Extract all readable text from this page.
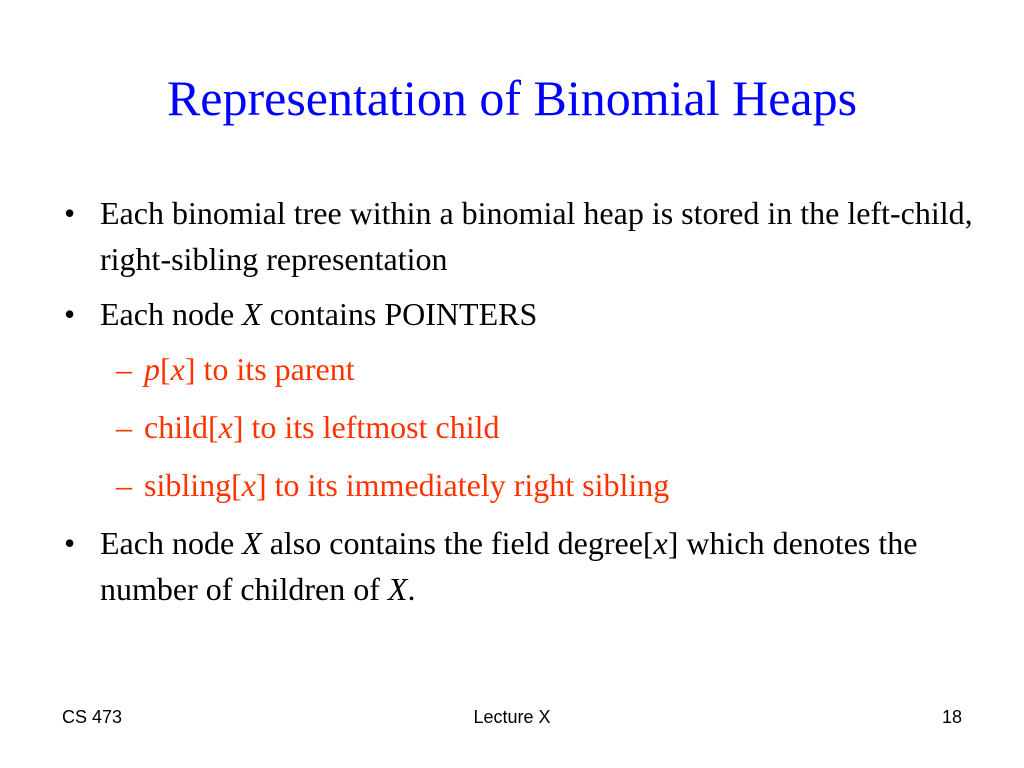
Representation of Binomial Heaps
• Each binomial tree within a binomial heap is stored in the left-child, right-sibling representation
• Each node X contains POINTERS
– p[x] to its parent
– child[x] to its leftmost child
– sibling[x] to its immediately right sibling
• Each node X also contains the field degree[x] which denotes the number of children of X.
CS 473	Lecture X	18
